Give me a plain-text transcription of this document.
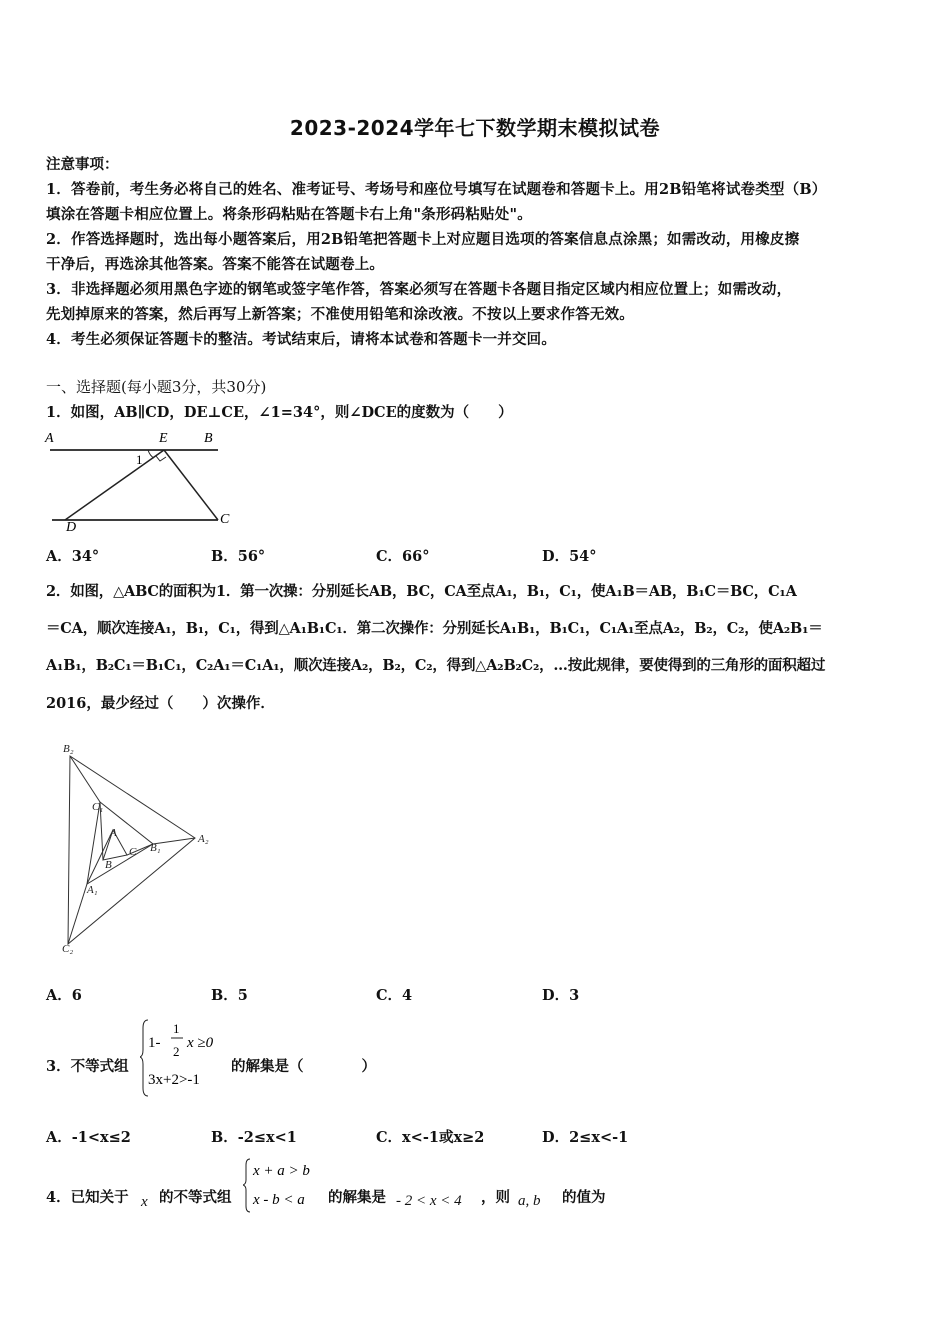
2023-2024学年七下数学期末模拟试卷
注意事项：
1．答卷前，考生务必将自己的姓名、准考证号、考场号和座位号填写在试题卷和答题卡上。用2B铅笔将试卷类型（B）
填涂在答题卡相应位置上。将条形码粘贴在答题卡右上角"条形码粘贴处"。
2．作答选择题时，选出每小题答案后，用2B铅笔把答题卡上对应题目选项的答案信息点涂黑；如需改动，用橡皮擦
干净后，再选涂其他答案。答案不能答在试题卷上。
3．非选择题必须用黑色字迹的钢笔或签字笔作答，答案必须写在答题卡各题目指定区域内相应位置上；如需改动，
先划掉原来的答案，然后再写上新答案；不准使用铅笔和涂改液。不按以上要求作答无效。
4．考生必须保证答题卡的整洁。考试结束后，请将本试卷和答题卡一并交回。
一、选择题(每小题3分，共30分)
1．如图，AB∥CD，DE⊥CE，∠1=34°，则∠DCE的度数为（　　）
A	E	B
1
D
C
A．34°	B．56°	C．66°	D．54°
2．如图，△ABC的面积为1．第一次操：分别延长AB，BC，CA至点A₁，B₁，C₁，使A₁B＝AB，B₁C＝BC，C₁A
＝CA，顺次连接A₁，B₁，C₁，得到△A₁B₁C₁．第二次操作：分别延长A₁B₁，B₁C₁，C₁A₁至点A₂，B₂，C₂，使A₂B₁＝
A₁B₁，B₂C₁＝B₁C₁，C₂A₁＝C₁A₁，顺次连接A₂，B₂，C₂，得到△A₂B₂C₂，…按此规律，要使得到的三角形的面积超过
2016，最少经过（　　）次操作．
B₂
C₁
A
C B₁
A₂
B
A₁
C₂
A．6	B．5	C．4	D．3
3．不等式组
1-
1
2
x ≥0
3x+2>-1
的解集是（　　　　）
A．-1<x≤2	B．-2≤x<1	C．x<-1或x≥2	D．2≤x<-1
4．已知关于 x 的不等式组
x + a > b
x - b < a 的解集是 - 2 < x < 4 ，则 a, b 的值为
